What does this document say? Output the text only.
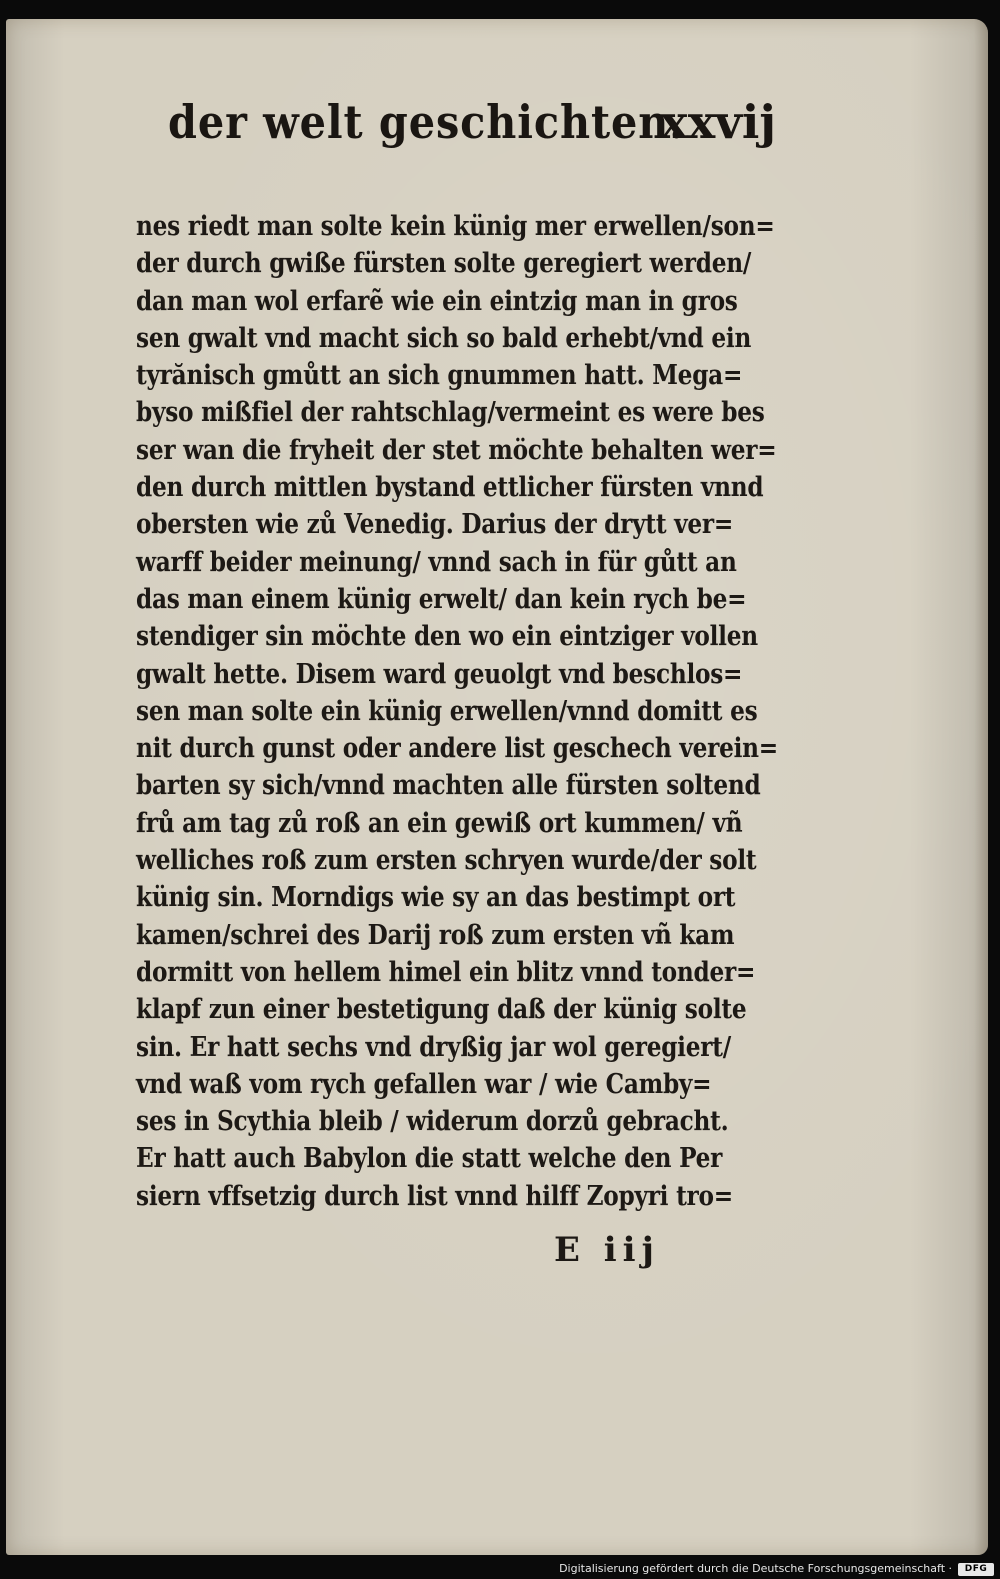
der welt geschichten.
xxvij
nes riedt man solte kein künig mer erwellen/son=
der durch gwiße fürsten solte geregiert werden/
dan man wol erfarẽ wie ein eintzig man in gros
sen gwalt vnd macht sich so bald erhebt/vnd ein
tyrănisch gmůtt an sich gnummen hatt. Mega=
byso mißfiel der rahtschlag/vermeint es were bes
ser wan die fryheit der stet möchte behalten wer=
den durch mittlen bystand ettlicher fürsten vnnd
obersten wie zů Venedig. Darius der drytt ver=
warff beider meinung/ vnnd sach in für gůtt an
das man einem künig erwelt/ dan kein rych be=
stendiger sin möchte den wo ein eintziger vollen
gwalt hette. Disem ward geuolgt vnd beschlos=
sen man solte ein künig erwellen/vnnd domitt es
nit durch gunst oder andere list geschech verein=
barten sy sich/vnnd machten alle fürsten soltend
frů am tag zů roß an ein gewiß ort kummen/ vñ
welliches roß zum ersten schryen wurde/der solt
künig sin. Morndigs wie sy an das bestimpt ort
kamen/schrei des Darij roß zum ersten vñ kam
dormitt von hellem himel ein blitz vnnd tonder=
klapf zun einer bestetigung daß der künig solte
sin. Er hatt sechs vnd dryßig jar wol geregiert/
vnd waß vom rych gefallen war / wie Camby=
ses in Scythia bleib / widerum dorzů gebracht.
Er hatt auch Babylon die statt welche den Per
siern vffsetzig durch list vnnd hilff Zopyri tro=
E iij
Digitalisierung gefördert durch die Deutsche Forschungsgemeinschaft ·	DFG
